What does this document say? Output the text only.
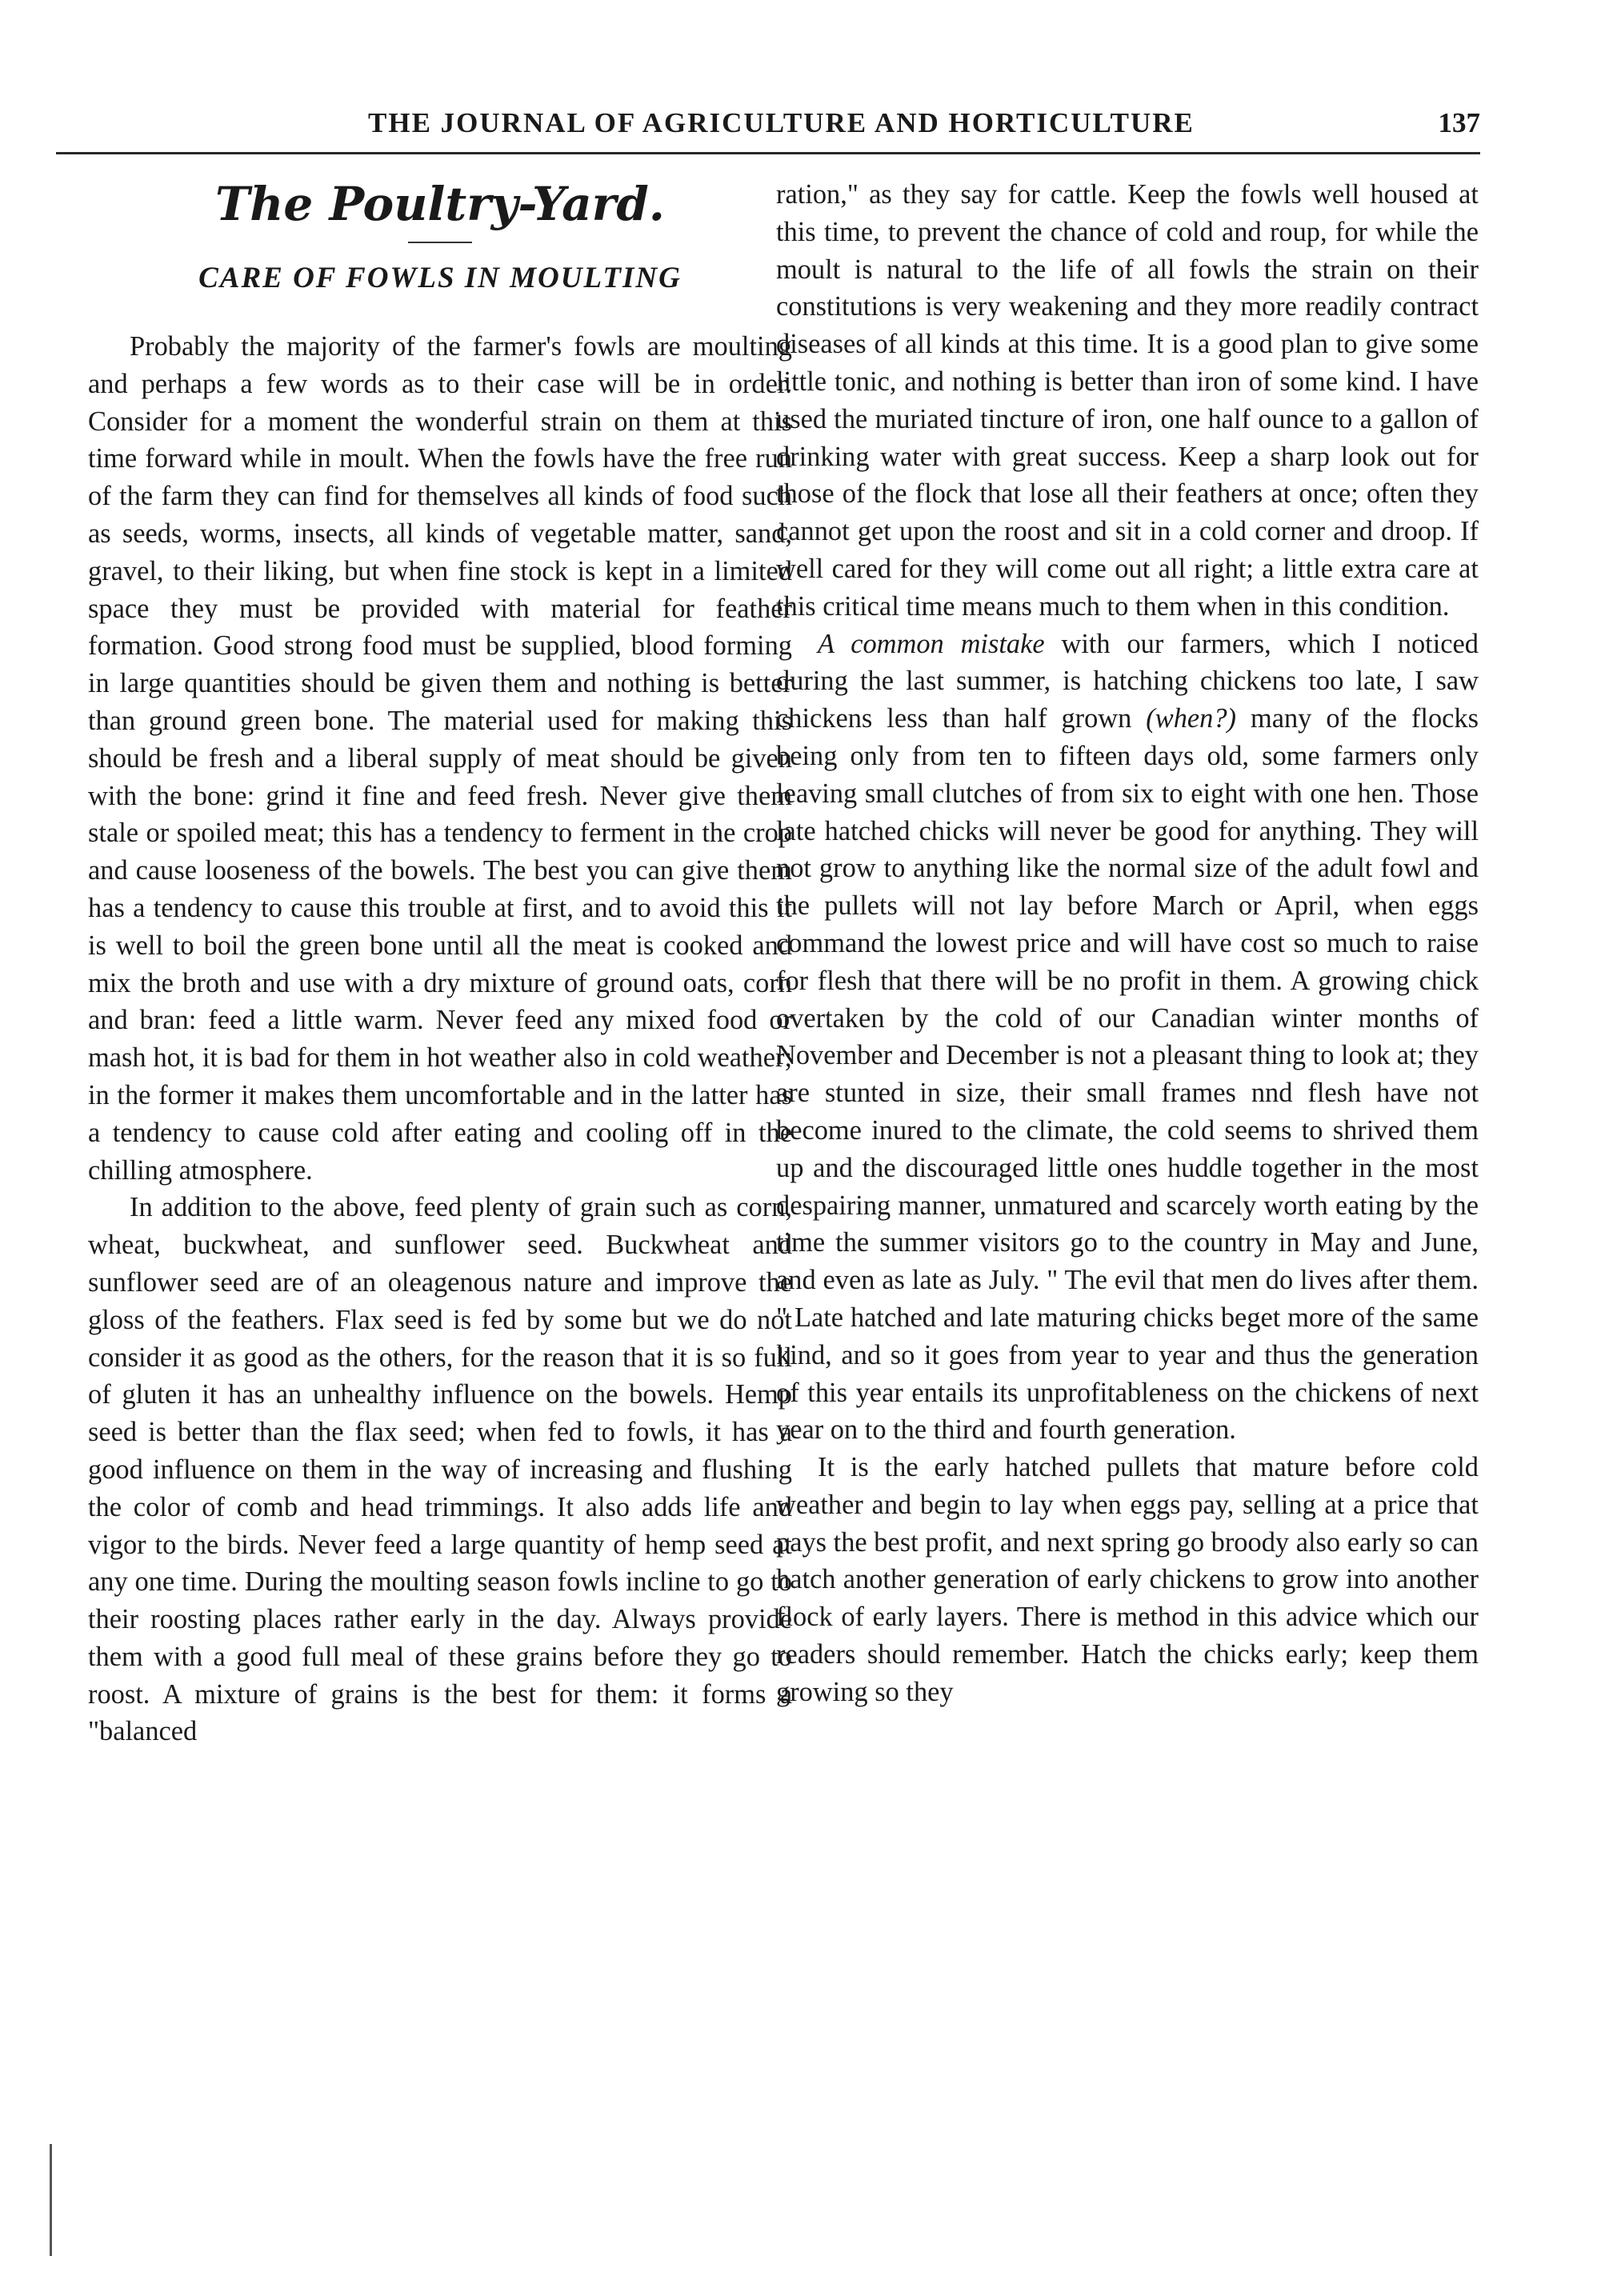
THE JOURNAL OF AGRICULTURE AND HORTICULTURE	137
The Poultry-Yard.
CARE OF FOWLS IN MOULTING

Probably the majority of the farmer's fowls are moulting and perhaps a few words as to their case will be in order. Consider for a moment the wonderful strain on them at this time forward while in moult. When the fowls have the free run of the farm they can find for themselves all kinds of food such as seeds, worms, insects, all kinds of vegetable matter, sand, gravel, to their liking, but when fine stock is kept in a limited space they must be provided with material for feather formation. Good strong food must be supplied, blood forming in large quantities should be given them and nothing is better than ground green bone. The material used for making this should be fresh and a liberal supply of meat should be given with the bone: grind it fine and feed fresh. Never give them stale or spoiled meat; this has a tendency to ferment in the crop and cause looseness of the bowels. The best you can give them has a tendency to cause this trouble at first, and to avoid this it is well to boil the green bone until all the meat is cooked and mix the broth and use with a dry mixture of ground oats, corn and bran: feed a little warm. Never feed any mixed food or mash hot, it is bad for them in hot weather also in cold weather; in the former it makes them uncomfortable and in the latter has a tendency to cause cold after eating and cooling off in the chilling atmosphere.

In addition to the above, feed plenty of grain such as corn, wheat, buckwheat, and sunflower seed. Buckwheat and sunflower seed are of an oleagenous nature and improve the gloss of the feathers. Flax seed is fed by some but we do not consider it as good as the others, for the reason that it is so full of gluten it has an unhealthy influence on the bowels. Hemp seed is better than the flax seed; when fed to fowls, it has a good influence on them in the way of increasing and flushing the color of comb and head trimmings. It also adds life and vigor to the birds. Never feed a large quantity of hemp seed at any one time. During the moulting season fowls incline to go to their roosting places rather early in the day. Always provide them with a good full meal of these grains before they go to roost. A mixture of grains is the best for them: it forms a "balanced

ration," as they say for cattle. Keep the fowls well housed at this time, to prevent the chance of cold and roup, for while the moult is natural to the life of all fowls the strain on their constitutions is very weakening and they more readily contract diseases of all kinds at this time. It is a good plan to give some little tonic, and nothing is better than iron of some kind. I have used the muriated tincture of iron, one half ounce to a gallon of drinking water with great success. Keep a sharp look out for those of the flock that lose all their feathers at once; often they cannot get upon the roost and sit in a cold corner and droop. If well cared for they will come out all right; a little extra care at this critical time means much to them when in this condition.

A common mistake with our farmers, which I noticed during the last summer, is hatching chickens too late, I saw chickens less than half grown (when?) many of the flocks being only from ten to fifteen days old, some farmers only leaving small clutches of from six to eight with one hen. Those late hatched chicks will never be good for anything. They will not grow to anything like the normal size of the adult fowl and the pullets will not lay before March or April, when eggs command the lowest price and will have cost so much to raise for flesh that there will be no profit in them. A growing chick overtaken by the cold of our Canadian winter months of November and December is not a pleasant thing to look at; they are stunted in size, their small frames nnd flesh have not become inured to the climate, the cold seems to shrived them up and the discouraged little ones huddle together in the most despairing manner, unmatured and scarcely worth eating by the time the summer visitors go to the country in May and June, and even as late as July. " The evil that men do lives after them. " Late hatched and late maturing chicks beget more of the same kind, and so it goes from year to year and thus the generation of this year entails its unprofitableness on the chickens of next year on to the third and fourth generation.

It is the early hatched pullets that mature before cold weather and begin to lay when eggs pay, selling at a price that pays the best profit, and next spring go broody also early so can hatch another generation of early chickens to grow into another flock of early layers. There is method in this advice which our readers should remember. Hatch the chicks early; keep them growing so they
